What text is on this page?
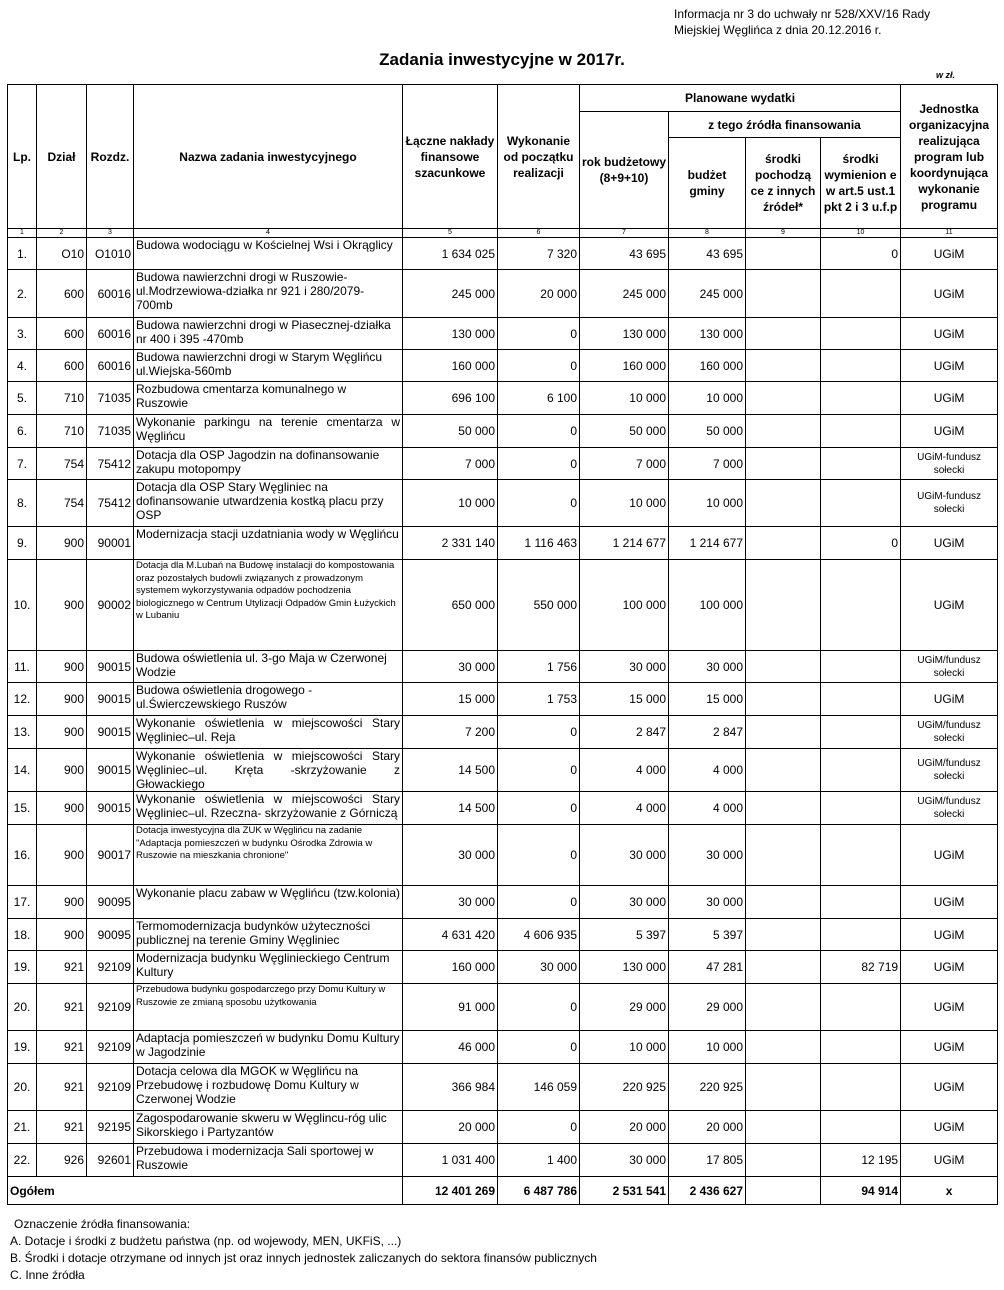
Informacja nr 3 do uchwały nr 528/XXV/16 Rady
Miejskiej Węglińca z dnia 20.12.2016 r.
Zadania inwestycyjne w 2017r.
w zł.
Lp.	Dział	Rozdz.	Nazwa zadania inwestycyjnego	Łączne nakłady finansowe szacunkowe	Wykonanie od początku realizacji	Planowane wydatki				Jednostka organizacyjna realizująca program lub koordynująca wykonanie programu
						rok budżetowy (8+9+10)	z tego źródła finansowania			
							budżet gminy	środki pochodzą ce z innych źródeł*	środki wymienion e w art.5 ust.1 pkt 2 i 3 u.f.p	
1	2	3	4	5	6	7	8	9	10	11
1.	O10	O1010	Budowa wodociągu w Kościelnej Wsi i Okrąglicy	1 634 025	7 320	43 695	43 695		0	UGiM
2.	600	60016	Budowa nawierzchni drogi w Ruszowie-ul.Modrzewiowa-działka nr 921 i 280/2079-700mb	245 000	20 000	245 000	245 000			UGiM
3.	600	60016	Budowa nawierzchni drogi w Piasecznej-działka nr 400 i 395 -470mb	130 000	0	130 000	130 000			UGiM
4.	600	60016	Budowa nawierzchni drogi w Starym Węglińcu ul.Wiejska-560mb	160 000	0	160 000	160 000			UGiM
5.	710	71035	Rozbudowa cmentarza komunalnego w Ruszowie	696 100	6 100	10 000	10 000			UGiM
6.	710	71035	Wykonanie parkingu na terenie cmentarza w Węglińcu	50 000	0	50 000	50 000			UGiM
7.	754	75412	Dotacja dla OSP Jagodzin na dofinansowanie zakupu motopompy	7 000	0	7 000	7 000			UGiM-fundusz sołecki
8.	754	75412	Dotacja dla OSP Stary Węgliniec na dofinansowanie utwardzenia kostką placu przy OSP	10 000	0	10 000	10 000			UGiM-fundusz sołecki
9.	900	90001	Modernizacja stacji uzdatniania wody w Węglińcu	2 331 140	1 116 463	1 214 677	1 214 677		0	UGiM
10.	900	90002	Dotacja dla M.Lubań na Budowę instalacji do kompostowania oraz pozostałych budowli związanych z prowadzonym systemem wykorzystywania odpadów pochodzenia biologicznego w Centrum Utylizacji Odpadów Gmin Łużyckich w Lubaniu	650 000	550 000	100 000	100 000			UGiM
11.	900	90015	Budowa oświetlenia ul. 3-go Maja w Czerwonej Wodzie	30 000	1 756	30 000	30 000			UGiM/fundusz sołecki
12.	900	90015	Budowa oświetlenia drogowego -ul.Świerczewskiego Ruszów	15 000	1 753	15 000	15 000			UGiM
13.	900	90015	Wykonanie oświetlenia w miejscowości Stary Węgliniec–ul. Reja	7 200	0	2 847	2 847			UGiM/fundusz sołecki
14.	900	90015	Wykonanie oświetlenia w miejscowości Stary Węgliniec–ul. Kręta -skrzyżowanie z Głowackiego	14 500	0	4 000	4 000			UGiM/fundusz sołecki
15.	900	90015	Wykonanie oświetlenia w miejscowości Stary Węgliniec–ul. Rzeczna- skrzyżowanie z Górniczą	14 500	0	4 000	4 000			UGiM/fundusz sołecki
16.	900	90017	Dotacja inwestycyjna dla ZUK w Węglińcu na zadanie "Adaptacja pomieszczeń w budynku Ośrodka Zdrowia w Ruszowie na mieszkania chronione"	30 000	0	30 000	30 000			UGiM
17.	900	90095	Wykonanie placu zabaw w Węglińcu (tzw.kolonia)	30 000	0	30 000	30 000			UGiM
18.	900	90095	Termomodernizacja budynków użyteczności publicznej na terenie Gminy Węgliniec	4 631 420	4 606 935	5 397	5 397			UGiM
19.	921	92109	Modernizacja budynku Węglinieckiego Centrum Kultury	160 000	30 000	130 000	47 281		82 719	UGiM
20.	921	92109	Przebudowa budynku gospodarczego przy Domu Kultury w Ruszowie ze zmianą sposobu użytkowania	91 000	0	29 000	29 000			UGiM
19.	921	92109	Adaptacja pomieszczeń w budynku Domu Kultury w Jagodzinie	46 000	0	10 000	10 000			UGiM
20.	921	92109	Dotacja celowa dla MGOK w Węglińcu na Przebudowę i rozbudowę Domu Kultury w Czerwonej Wodzie	366 984	146 059	220 925	220 925			UGiM
21.	921	92195	Zagospodarowanie skweru w Węglincu-róg ulic Sikorskiego i Partyzantów	20 000	0	20 000	20 000			UGiM
22.	926	92601	Przebudowa i modernizacja Sali sportowej w Ruszowie	1 031 400	1 400	30 000	17 805		12 195	UGiM
Ogółem				12 401 269	6 487 786	2 531 541	2 436 627		94 914	x
Oznaczenie źródła finansowania:
A. Dotacje i środki z budżetu państwa (np. od wojewody, MEN, UKFiS, ...)
B. Środki i dotacje otrzymane od innych jst oraz innych jednostek zaliczanych do sektora finansów publicznych
C. Inne źródła
